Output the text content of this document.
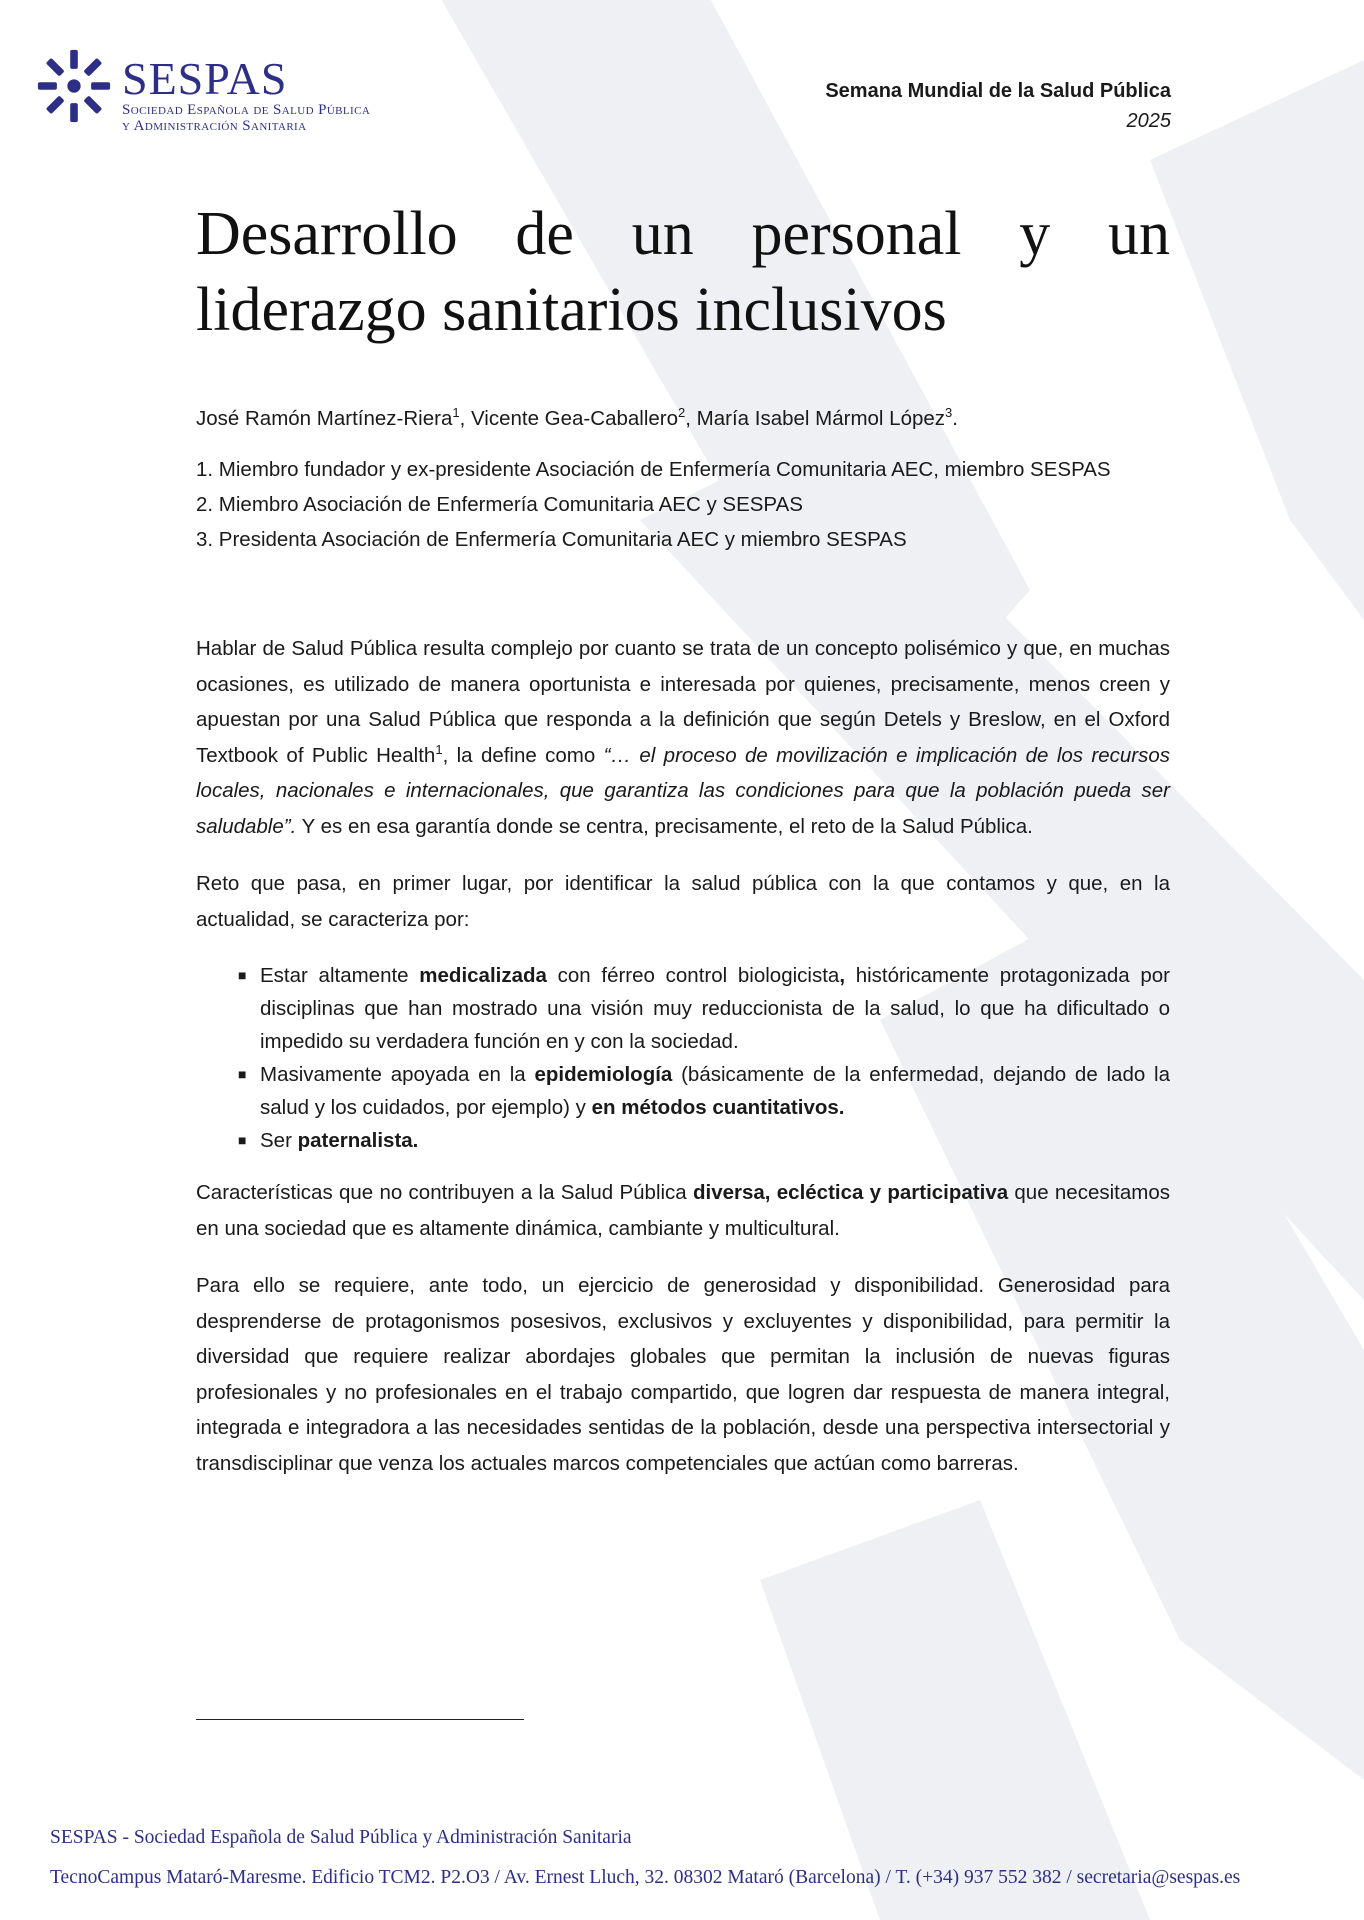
SESPAS
Sociedad Española de Salud Pública
y Administración Sanitaria
Semana Mundial de la Salud Pública
2025
Desarrollo de un personal y un liderazgo sanitarios inclusivos
José Ramón Martínez-Riera$^1$, Vicente Gea-Caballero$^2$, María Isabel Mármol López$^3$.
1. Miembro fundador y ex-presidente Asociación de Enfermería Comunitaria AEC, miembro SESPAS
2. Miembro Asociación de Enfermería Comunitaria AEC y SESPAS
3. Presidenta Asociación de Enfermería Comunitaria AEC y miembro SESPAS

Hablar de Salud Pública resulta complejo por cuanto se trata de un concepto polisémico y que, en muchas ocasiones, es utilizado de manera oportunista e interesada por quienes, precisamente, menos creen y apuestan por una Salud Pública que responda a la definición que según Detels y Breslow, en el Oxford Textbook of Public Health$^1$, la define como “… el proceso de movilización e implicación de los recursos locales, nacionales e internacionales, que garantiza las condiciones para que la población pueda ser saludable”. Y es en esa garantía donde se centra, precisamente, el reto de la Salud Pública.

Reto que pasa, en primer lugar, por identificar la salud pública con la que contamos y que, en la actualidad, se caracteriza por:

■ Estar altamente medicalizada con férreo control biologicista, históricamente protagonizada por disciplinas que han mostrado una visión muy reduccionista de la salud, lo que ha dificultado o impedido su verdadera función en y con la sociedad.
■ Masivamente apoyada en la epidemiología (básicamente de la enfermedad, dejando de lado la salud y los cuidados, por ejemplo) y en métodos cuantitativos.
■ Ser paternalista.

Características que no contribuyen a la Salud Pública diversa, ecléctica y participativa que necesitamos en una sociedad que es altamente dinámica, cambiante y multicultural.

Para ello se requiere, ante todo, un ejercicio de generosidad y disponibilidad. Generosidad para desprenderse de protagonismos posesivos, exclusivos y excluyentes y disponibilidad, para permitir la diversidad que requiere realizar abordajes globales que permitan la inclusión de nuevas figuras profesionales y no profesionales en el trabajo compartido, que logren dar respuesta de manera integral, integrada e integradora a las necesidades sentidas de la población, desde una perspectiva intersectorial y transdisciplinar que venza los actuales marcos competenciales que actúan como barreras.

SESPAS - Sociedad Española de Salud Pública y Administración Sanitaria
TecnoCampus Mataró-Maresme. Edificio TCM2. P2.O3 / Av. Ernest Lluch, 32. 08302 Mataró (Barcelona) / T. (+34) 937 552 382 / secretaria@sespas.es
